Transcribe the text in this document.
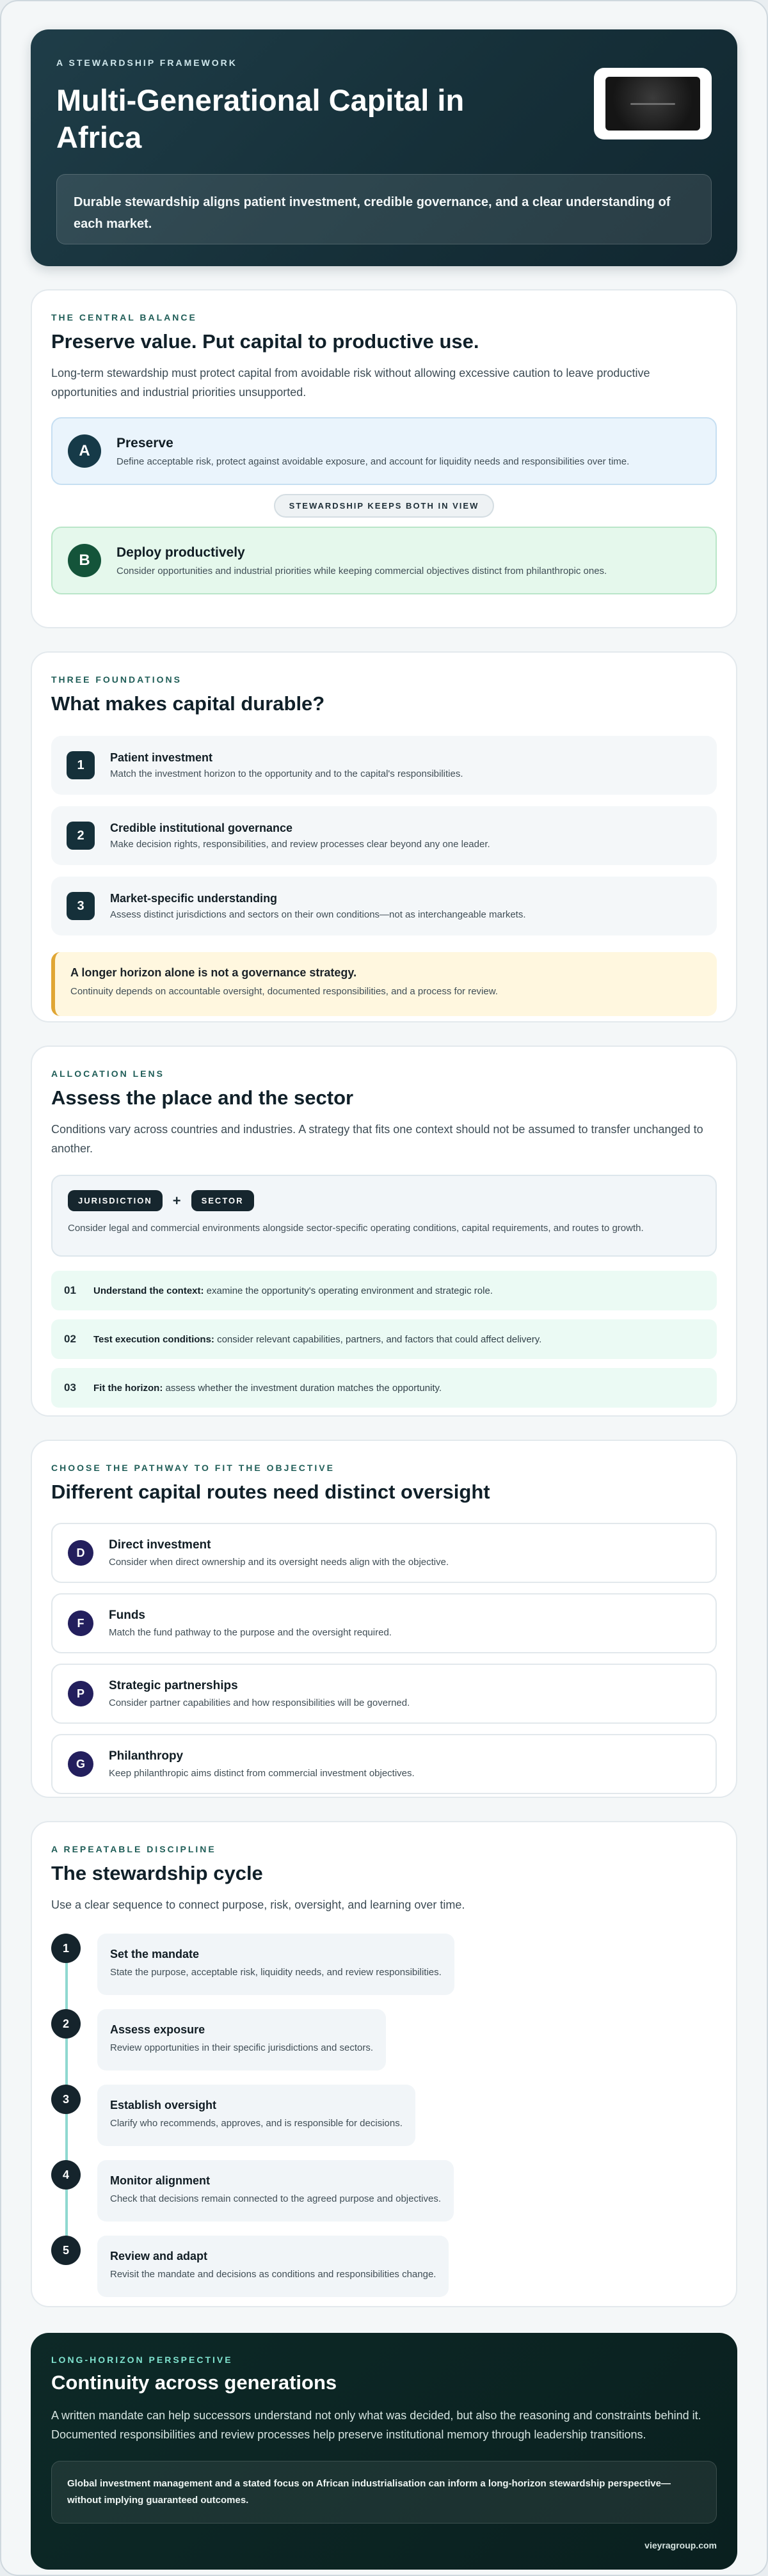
A STEWARDSHIP FRAMEWORK
Multi-Generational Capital in Africa
Durable stewardship aligns patient investment, credible governance, and a clear understanding of each market.
THE CENTRAL BALANCE
Preserve value. Put capital to productive use.

Long-term stewardship must protect capital from avoidable risk without allowing excessive caution to leave productive opportunities and industrial priorities unsupported.

A	Preserve
Define acceptable risk, protect against avoidable exposure, and account for liquidity needs and responsibilities over time.
STEWARDSHIP KEEPS BOTH IN VIEW
B	Deploy productively
Consider opportunities and industrial priorities while keeping commercial objectives distinct from philanthropic ones.
THREE FOUNDATIONS
What makes capital durable?
1
Patient investment
Match the investment horizon to the opportunity and to the capital's responsibilities.
2
Credible institutional governance
Make decision rights, responsibilities, and review processes clear beyond any one leader.
3
Market-specific understanding
Assess distinct jurisdictions and sectors on their own conditions—not as interchangeable markets.
A longer horizon alone is not a governance strategy.
Continuity depends on accountable oversight, documented responsibilities, and a process for review.
ALLOCATION LENS
Assess the place and the sector

Conditions vary across countries and industries. A strategy that fits one context should not be assumed to transfer unchanged to another.

JURISDICTION	+	SECTOR
Consider legal and commercial environments alongside sector-specific operating conditions, capital requirements, and routes to growth.
01	Understand the context: examine the opportunity's operating environment and strategic role.
02	Test execution conditions: consider relevant capabilities, partners, and factors that could affect delivery.
03	Fit the horizon: assess whether the investment duration matches the opportunity.
CHOOSE THE PATHWAY TO FIT THE OBJECTIVE
Different capital routes need distinct oversight
D
Direct investment
Consider when direct ownership and its oversight needs align with the objective.
F
Funds
Match the fund pathway to the purpose and the oversight required.
P
Strategic partnerships
Consider partner capabilities and how responsibilities will be governed.
G
Philanthropy
Keep philanthropic aims distinct from commercial investment objectives.
A REPEATABLE DISCIPLINE
The stewardship cycle

Use a clear sequence to connect purpose, risk, oversight, and learning over time.

1	Set the mandate
State the purpose, acceptable risk, liquidity needs, and review responsibilities.
2	Assess exposure
Review opportunities in their specific jurisdictions and sectors.
3	Establish oversight
Clarify who recommends, approves, and is responsible for decisions.
4	Monitor alignment
Check that decisions remain connected to the agreed purpose and objectives.
5	Review and adapt
Revisit the mandate and decisions as conditions and responsibilities change.
LONG-HORIZON PERSPECTIVE
Continuity across generations

A written mandate can help successors understand not only what was decided, but also the reasoning and constraints behind it. Documented responsibilities and review processes help preserve institutional memory through leadership transitions.

Global investment management and a stated focus on African industrialisation can inform a long-horizon stewardship perspective—without implying guaranteed outcomes.
vieyragroup.com
